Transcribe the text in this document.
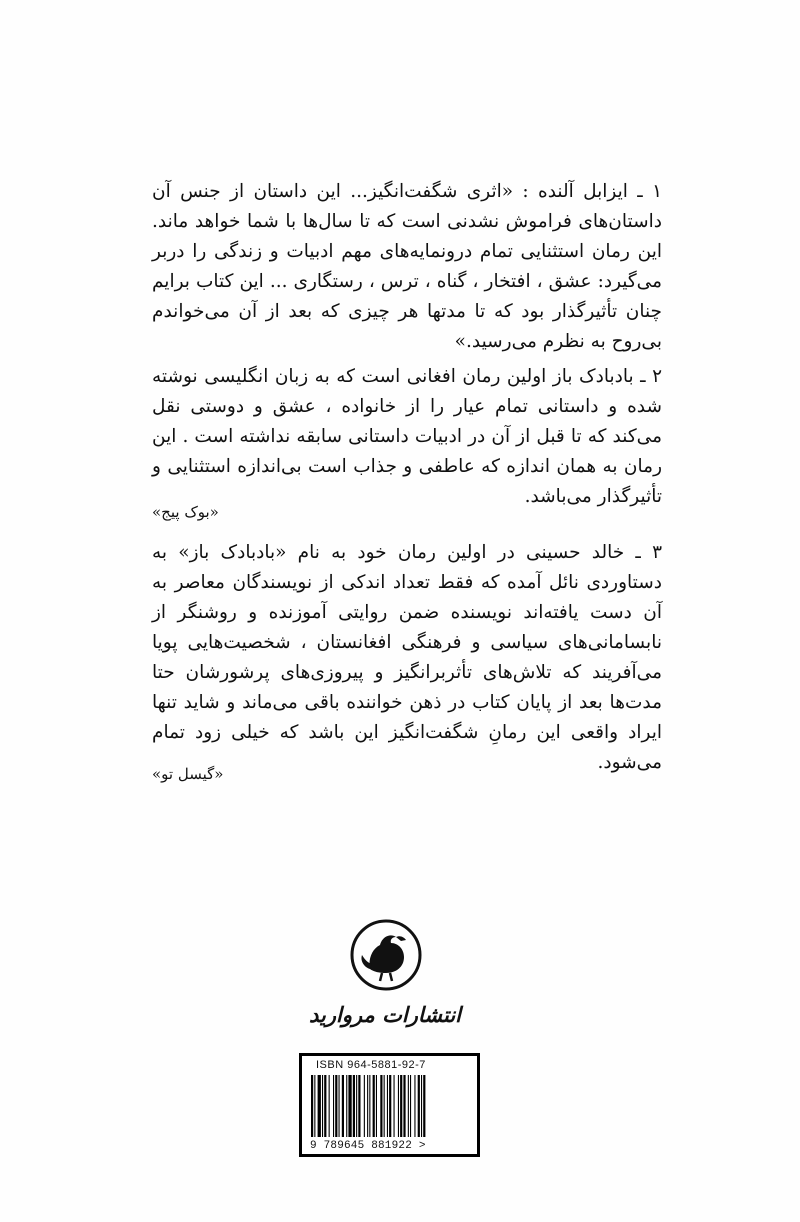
۱ ـ ایزابل آلنده : «اثری شگفت‌انگیز... این داستان از جنس آن داستان‌های فراموش نشدنی است که تا سال‌ها با شما خواهد ماند. این رمان استثنایی تمام درونمایه‌های مهم ادبیات و زندگی را دربر می‌گیرد: عشق ، افتخار ، گناه ، ترس ، رستگاری ... این کتاب برایم چنان تأثیرگذار بود که تا مدتها هر چیزی که بعد از آن می‌خواندم بی‌روح به نظرم می‌رسید.»

۲ ـ بادبادک باز اولین رمان افغانی است که به زبان انگلیسی نوشته شده و داستانی تمام عیار را از خانواده ، عشق و دوستی نقل می‌کند که تا قبل از آن در ادبیات داستانی سابقه نداشته است . این رمان به همان اندازه که عاطفی و جذاب است بی‌اندازه استثنایی و تأثیرگذار می‌باشد.

«بوک پیج»

۳ ـ خالد حسینی در اولین رمان خود به نام «بادبادک باز» به دستاوردی نائل آمده که فقط تعداد اندکی از نویسندگان معاصر به آن دست یافته‌اند نویسنده ضمن روایتی آموزنده و روشنگر از نابسامانی‌های سیاسی و فرهنگی افغانستان ، شخصیت‌هایی پویا می‌آفریند که تلاش‌های تأثربرانگیز و پیروزی‌های پرشورشان حتا مدت‌ها بعد از پایان کتاب در ذهن خواننده باقی می‌ماند و شاید تنها ایراد واقعی این رمانِ شگفت‌انگیز این باشد که خیلی زود تمام می‌شود.

«گیسل تو»
انتشارات مروارید
ISBN 964-5881-92-7
9 789645 881922 >
